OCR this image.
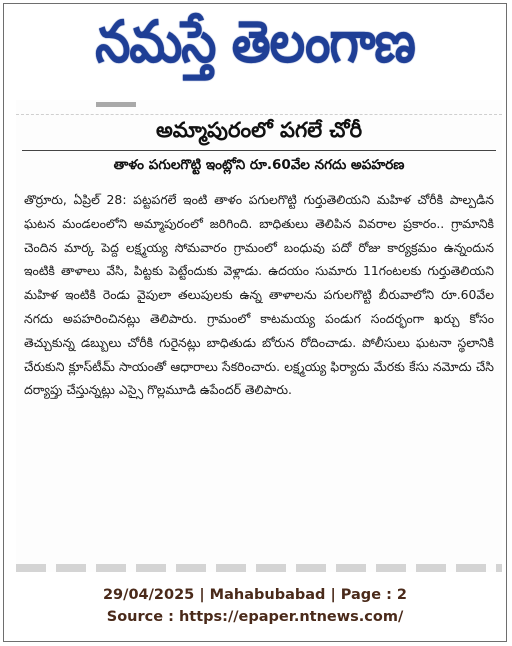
నమస్తే తెలంగాణ
అమ్మాపురంలో పగలే చోరీ
తాళం పగులగొట్టి ఇంట్లోని రూ.60వేల నగదు అపహరణ

తొర్రూరు, ఏప్రిల్ 28: పట్టపగలే ఇంటి తాళం పగులగొట్టి గుర్తుతెలియని మహిళ చోరీకి పాల్పడిన ఘటన మండలంలోని అమ్మాపురంలో జరిగింది. బాధితులు తెలిపిన వివరాల ప్రకారం.. గ్రామానికి చెందిన మార్క పెద్ద లక్ష్మయ్య సోమవారం గ్రామంలో బంధువు పదో రోజు కార్యక్రమం ఉన్నందున ఇంటికి తాళాలు వేసి, పిట్టకు పెట్టేందుకు వెళ్లాడు. ఉదయం సుమారు 11గంటలకు గుర్తుతెలియని మహిళ ఇంటికి రెండు వైపులా తలుపులకు ఉన్న తాళాలను పగులగొట్టి బీరువాలోని రూ.60వేల నగదు అపహరించినట్లు తెలిపారు. గ్రామంలో కాటమయ్య పండుగ సందర్భంగా ఖర్చు కోసం తెచ్చుకున్న డబ్బులు చోరీకి గురైనట్లు బాధితుడు బోరున రోదించాడు. పోలీసులు ఘటనా స్థలానికి చేరుకుని క్లూస్‌టీమ్ సాయంతో ఆధారాలు సేకరించారు. లక్ష్మయ్య ఫిర్యాదు మేరకు కేసు నమోదు చేసి దర్యాప్తు చేస్తున్నట్లు ఎస్సై గొల్లమూడి ఉపేందర్ తెలిపారు.

29/04/2025 | Mahabubabad | Page : 2
Source : https://epaper.ntnews.com/
